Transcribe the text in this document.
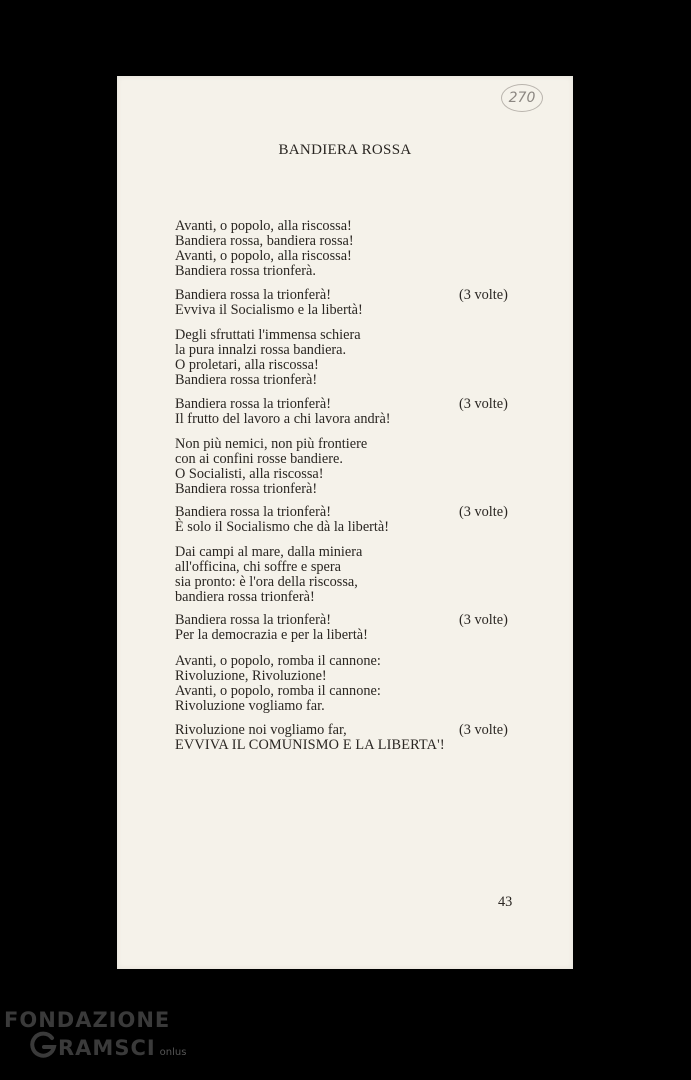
270
BANDIERA ROSSA
Avanti, o popolo, alla riscossa!
Bandiera rossa, bandiera rossa!
Avanti, o popolo, alla riscossa!
Bandiera rossa trionferà.
Bandiera rossa la trionferà!
Evviva il Socialismo e la libertà!
(3 volte)
Degli sfruttati l'immensa schiera
la pura innalzi rossa bandiera.
O proletari, alla riscossa!
Bandiera rossa trionferà!
Bandiera rossa la trionferà!
Il frutto del lavoro a chi lavora andrà!
(3 volte)
Non più nemici, non più frontiere
con ai confini rosse bandiere.
O Socialisti, alla riscossa!
Bandiera rossa trionferà!
Bandiera rossa la trionferà!
È solo il Socialismo che dà la libertà!
(3 volte)
Dai campi al mare, dalla miniera
all'officina, chi soffre e spera
sia pronto: è l'ora della riscossa,
bandiera rossa trionferà!
Bandiera rossa la trionferà!
Per la democrazia e per la libertà!
(3 volte)
Avanti, o popolo, romba il cannone:
Rivoluzione, Rivoluzione!
Avanti, o popolo, romba il cannone:
Rivoluzione vogliamo far.
Rivoluzione noi vogliamo far,
EVVIVA IL COMUNISMO E LA LIBERTA'!
(3 volte)
43
FONDAZIONE
RAMSCI onlus
